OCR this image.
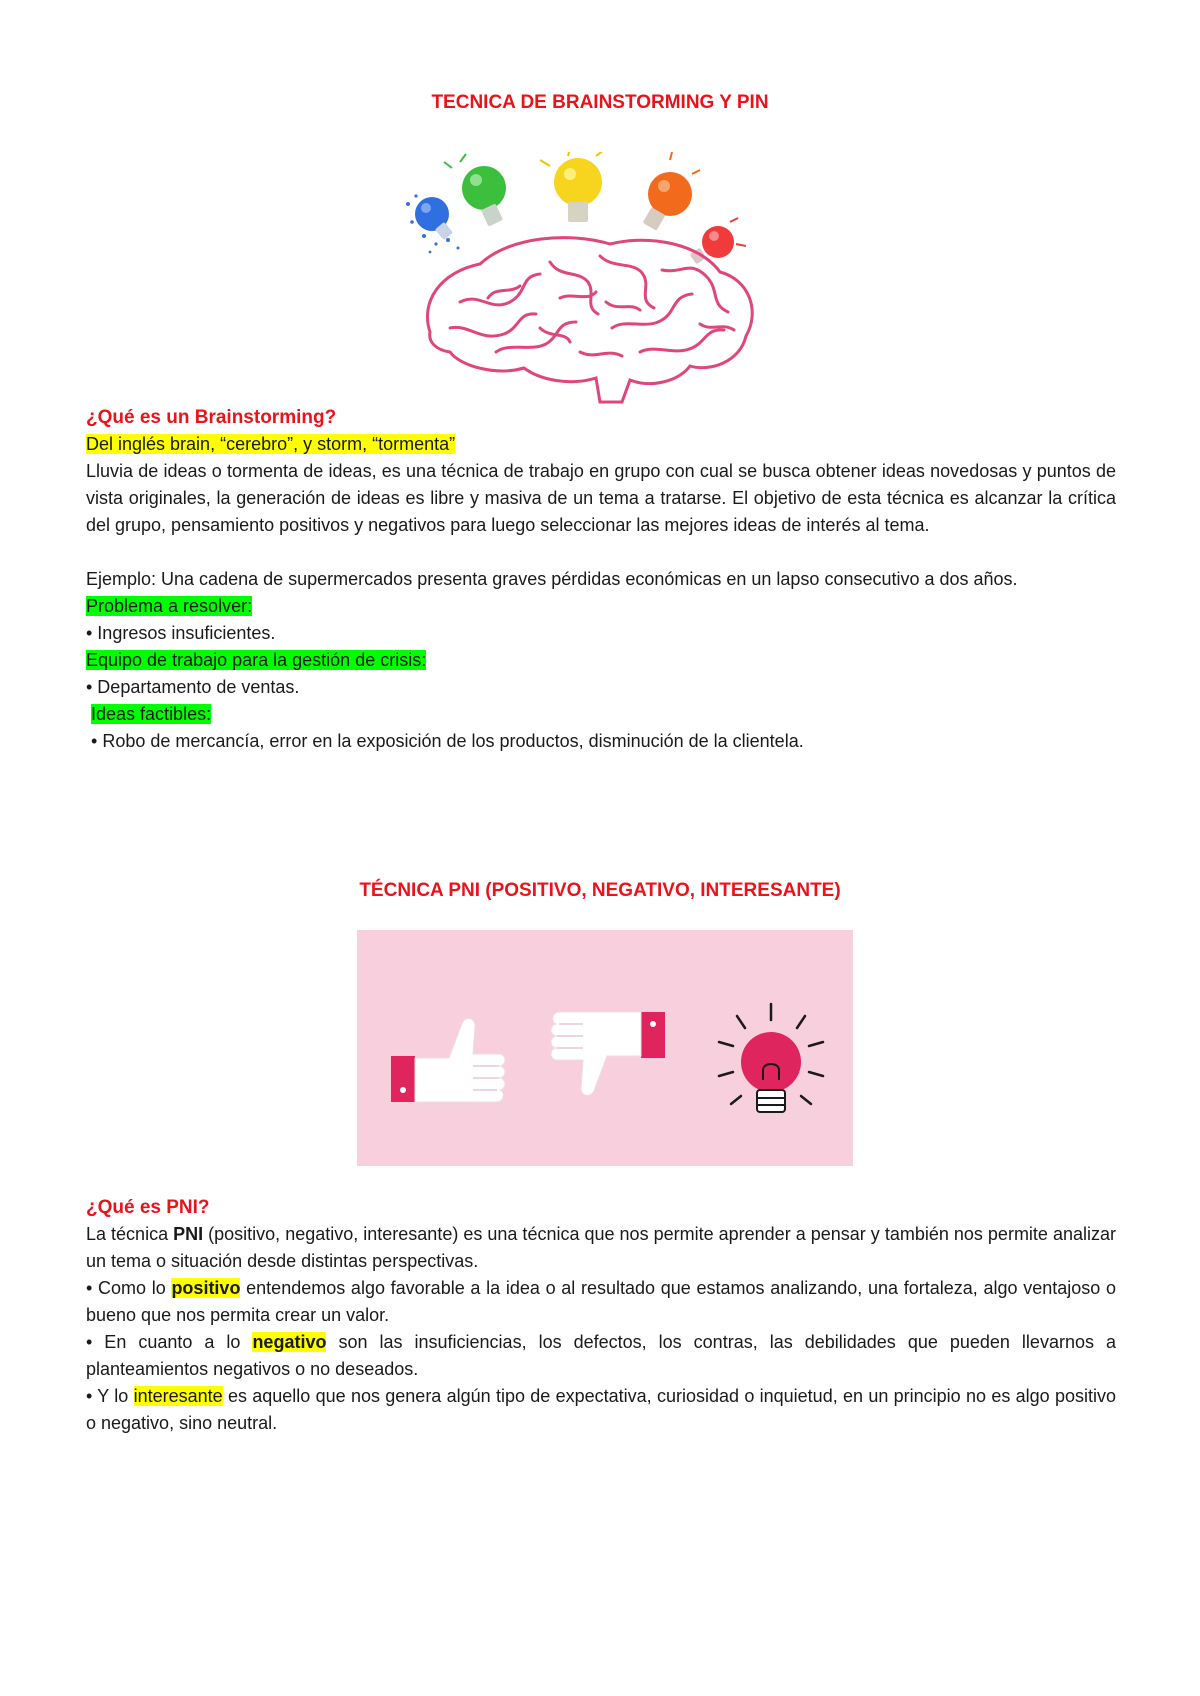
TECNICA DE BRAINSTORMING Y PIN

¿Qué es un Brainstorming?

Del inglés brain, “cerebro”, y storm, “tormenta”

Lluvia de ideas o tormenta de ideas, es una técnica de trabajo en grupo con cual se busca obtener ideas novedosas y puntos de vista originales, la generación de ideas es libre y masiva de un tema a tratarse. El objetivo de esta técnica es alcanzar la crítica del grupo, pensamiento positivos y negativos para luego seleccionar las mejores ideas de interés al tema.

Ejemplo: Una cadena de supermercados presenta graves pérdidas económicas en un lapso consecutivo a dos años.

Problema a resolver:

• Ingresos insuficientes.

Equipo de trabajo para la gestión de crisis:

• Departamento de ventas.

Ideas factibles:

• Robo de mercancía, error en la exposición de los productos, disminución de la clientela.

TÉCNICA PNI (POSITIVO, NEGATIVO, INTERESANTE)

¿Qué es PNI?

La técnica PNI (positivo, negativo, interesante) es una técnica que nos permite aprender a pensar y también nos permite analizar un tema o situación desde distintas perspectivas.

• Como lo positivo entendemos algo favorable a la idea o al resultado que estamos analizando, una fortaleza, algo ventajoso o bueno que nos permita crear un valor.

• En cuanto a lo negativo son las insuficiencias, los defectos, los contras, las debilidades que pueden llevarnos a planteamientos negativos o no deseados.

• Y lo interesante es aquello que nos genera algún tipo de expectativa, curiosidad o inquietud, en un principio no es algo positivo o negativo, sino neutral.
